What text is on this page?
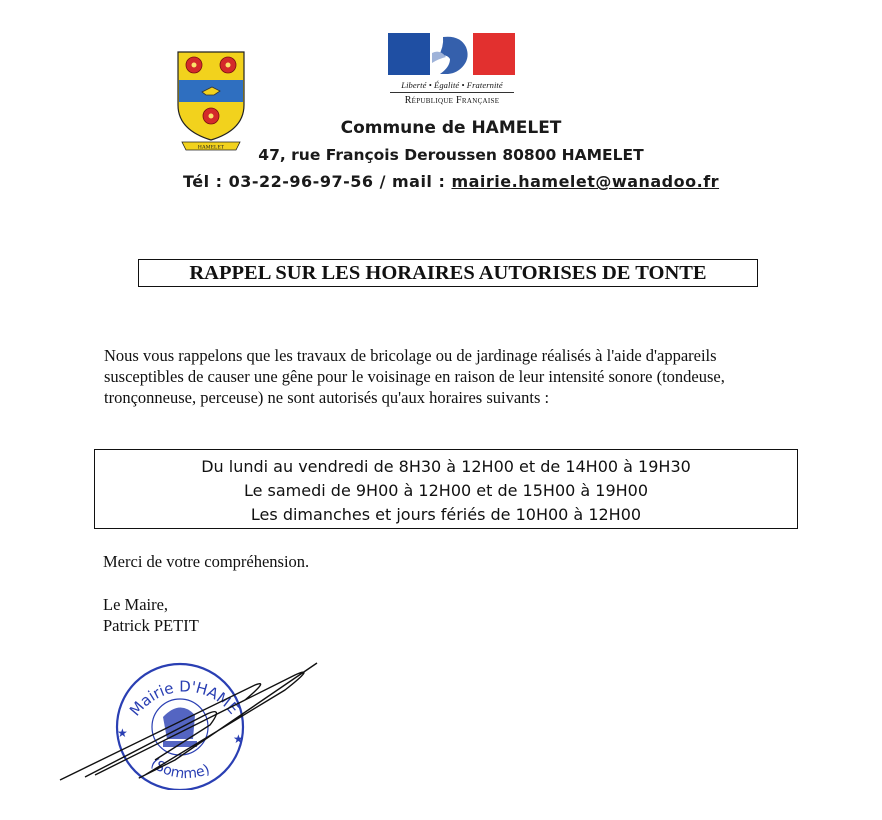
HAMELET
Liberté • Égalité • Fraternité
République Française
Commune de HAMELET
47, rue François Deroussen 80800 HAMELET
Tél : 03-22-96-97-56 / mail : mairie.hamelet@wanadoo.fr
RAPPEL SUR LES HORAIRES AUTORISES DE TONTE
Nous vous rappelons que les travaux de bricolage ou de jardinage réalisés à l'aide d'appareils
susceptibles de causer une gêne pour le voisinage en raison de leur intensité sonore (tondeuse,
tronçonneuse, perceuse) ne sont autorisés qu'aux horaires suivants :
Du lundi au vendredi de 8H30 à 12H00 et de 14H00 à 19H30
Le samedi de 9H00 à 12H00 et de 15H00 à 19H00
Les dimanches et jours fériés de 10H00 à 12H00
Merci de votre compréhension.
Le Maire,
Patrick PETIT
Mairie D'HAME
(Somme)
★	★
